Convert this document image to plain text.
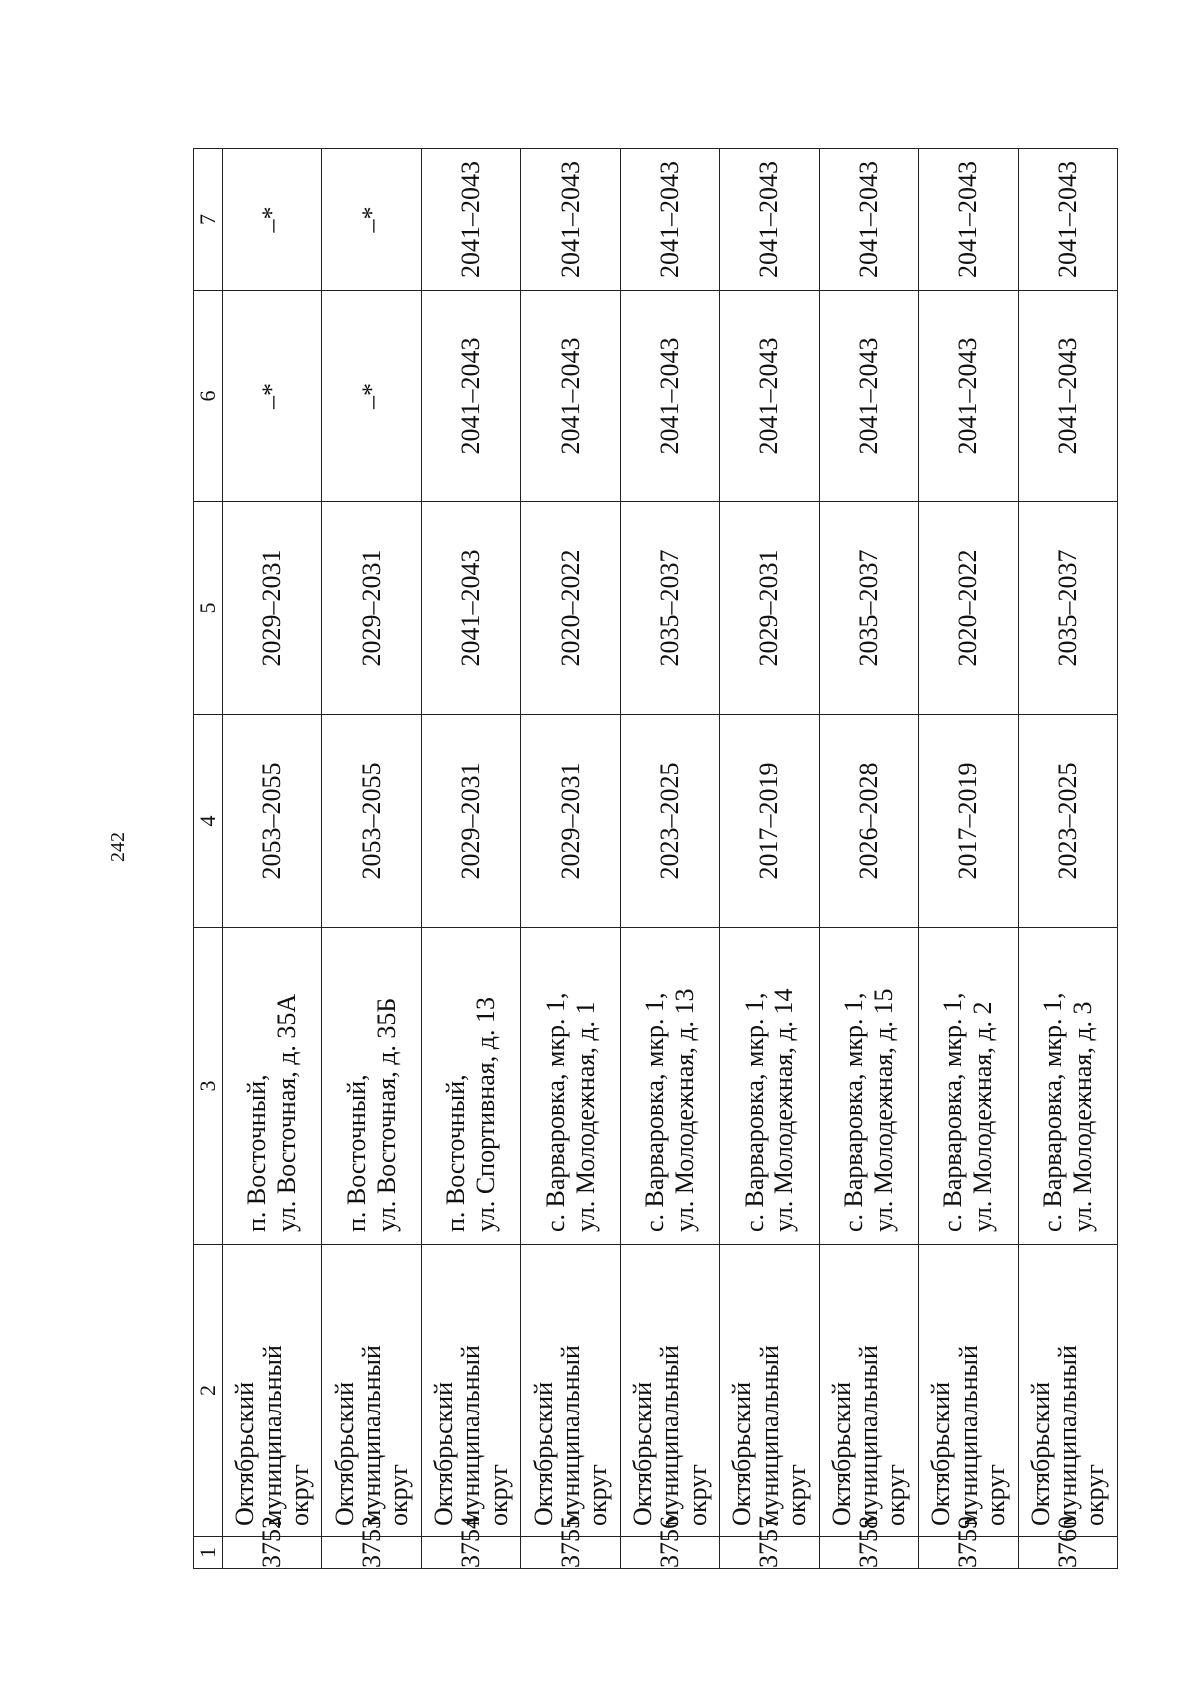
242
1	2	3	4	5	6	7
3752	Октябрьский
муниципальный
округ	п. Восточный, ул. Восточная, д. 35А	2053–2055	2029–2031	–*	–*
3753	Октябрьский
муниципальный
округ	п. Восточный, ул. Восточная, д. 35Б	2053–2055	2029–2031	–*	–*
3754	Октябрьский
муниципальный
округ	п. Восточный, ул. Спортивная, д. 13	2029–2031	2041–2043	2041–2043	2041–2043
3755	Октябрьский
муниципальный
округ	с. Варваровка, мкр. 1, ул. Молодежная, д. 1	2029–2031	2020–2022	2041–2043	2041–2043
3756	Октябрьский
муниципальный
округ	с. Варваровка, мкр. 1, ул. Молодежная, д. 13	2023–2025	2035–2037	2041–2043	2041–2043
3757	Октябрьский
муниципальный
округ	с. Варваровка, мкр. 1, ул. Молодежная, д. 14	2017–2019	2029–2031	2041–2043	2041–2043
3758	Октябрьский
муниципальный
округ	с. Варваровка, мкр. 1, ул. Молодежная, д. 15	2026–2028	2035–2037	2041–2043	2041–2043
3759	Октябрьский
муниципальный
округ	с. Варваровка, мкр. 1, ул. Молодежная, д. 2	2017–2019	2020–2022	2041–2043	2041–2043
3760	Октябрьский
муниципальный
округ	с. Варваровка, мкр. 1, ул. Молодежная, д. 3	2023–2025	2035–2037	2041–2043	2041–2043
